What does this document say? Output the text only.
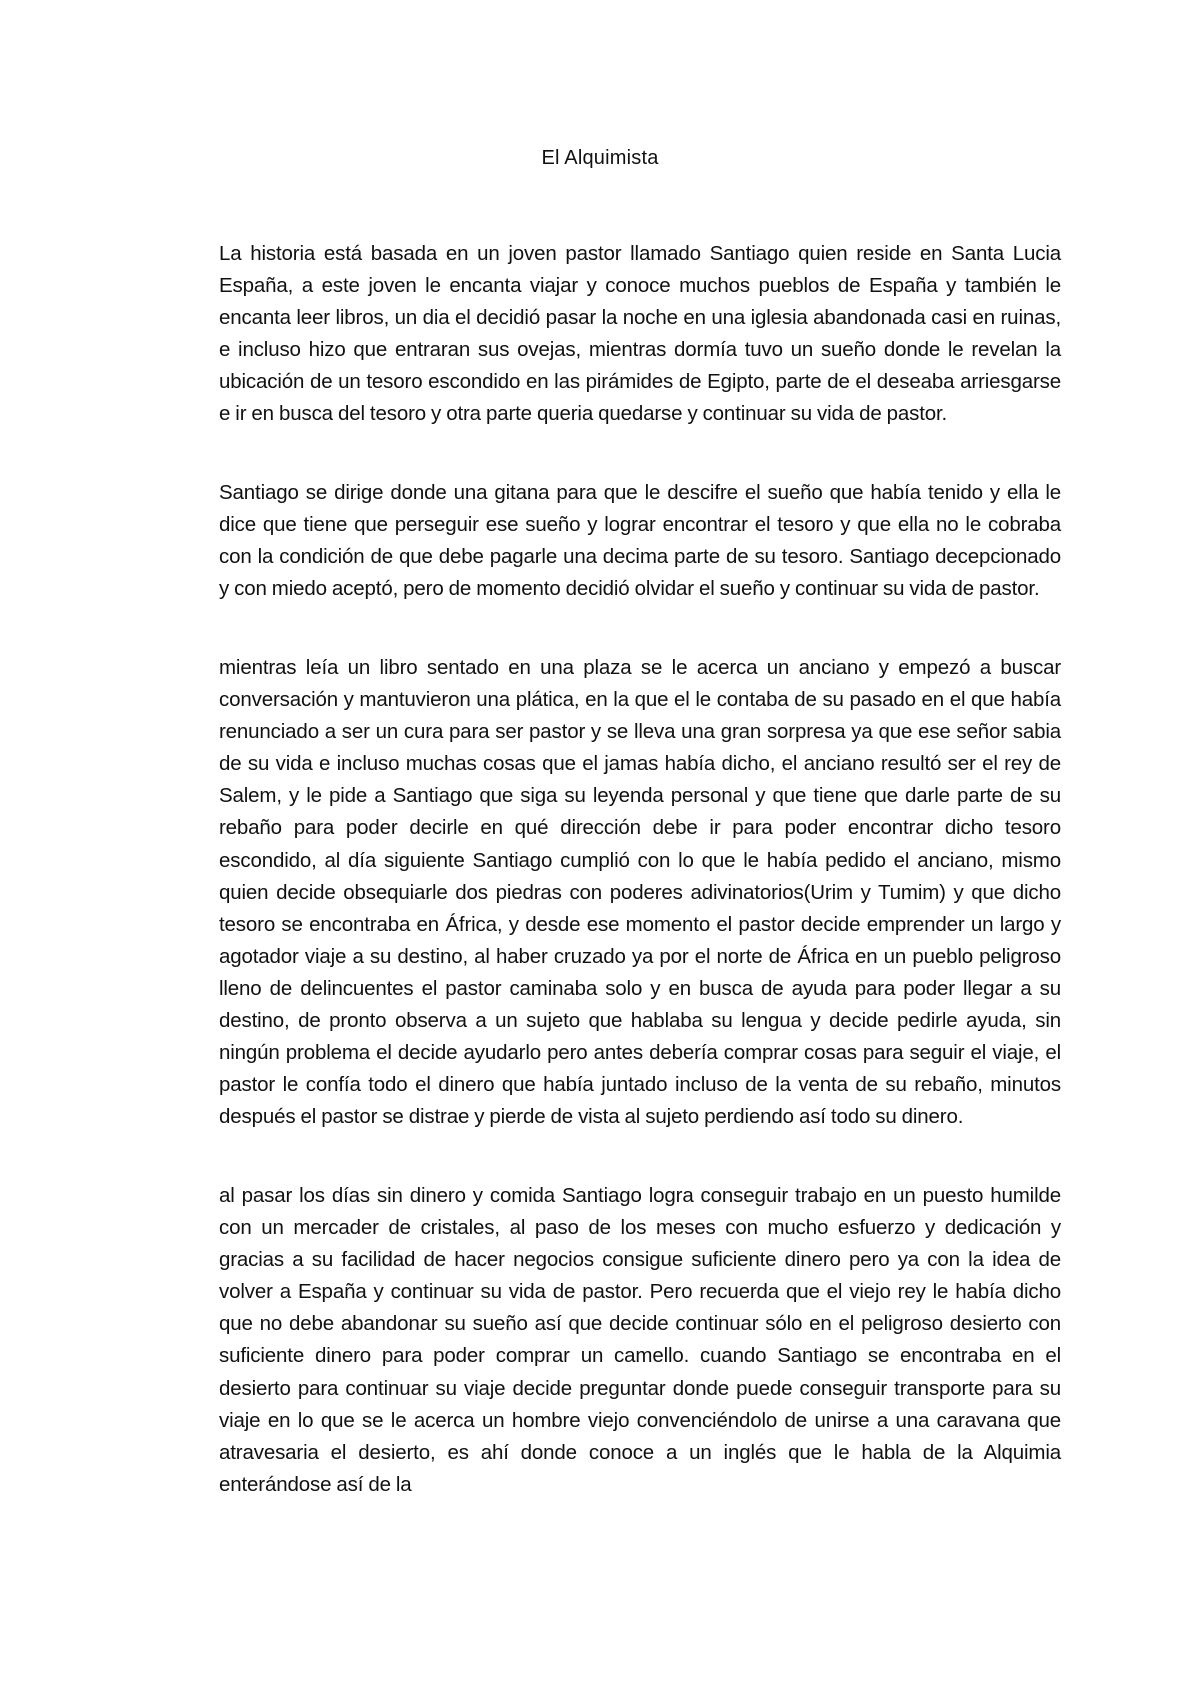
El Alquimista

La historia está basada en un joven pastor llamado Santiago quien reside en Santa Lucia España, a este joven le encanta viajar y conoce muchos pueblos de España y también le encanta leer libros, un dia el decidió pasar la noche en una iglesia abandonada casi en ruinas, e incluso hizo que entraran sus ovejas, mientras dormía tuvo un sueño donde le revelan la ubicación de un tesoro escondido en las pirámides de Egipto, parte de el deseaba arriesgarse e ir en busca del tesoro y otra parte queria quedarse y continuar su vida de pastor.

Santiago se dirige donde una gitana para que le descifre el sueño que había tenido y ella le dice que tiene que perseguir ese sueño y lograr encontrar el tesoro y que ella no le cobraba con la condición de que debe pagarle una decima parte de su tesoro. Santiago decepcionado y con miedo aceptó, pero de momento decidió olvidar el sueño y continuar su vida de pastor.

mientras leía un libro sentado en una plaza se le acerca un anciano y empezó a buscar conversación y mantuvieron una plática, en la que el le contaba de su pasado en el que había renunciado a ser un cura para ser pastor y se lleva una gran sorpresa ya que ese señor sabia de su vida e incluso muchas cosas que el jamas había dicho, el anciano resultó ser el rey de Salem, y le pide a Santiago que siga su leyenda personal y que tiene que darle parte de su rebaño para poder decirle en qué dirección debe ir para poder encontrar dicho tesoro escondido, al día siguiente Santiago cumplió con lo que le había pedido el anciano, mismo quien decide obsequiarle dos piedras con poderes adivinatorios(Urim y Tumim) y que dicho tesoro se encontraba en África, y desde ese momento el pastor decide emprender un largo y agotador viaje a su destino, al haber cruzado ya por el norte de África en un pueblo peligroso lleno de delincuentes el pastor caminaba solo y en busca de ayuda para poder llegar a su destino, de pronto observa a un sujeto que hablaba su lengua y decide pedirle ayuda, sin ningún problema el decide ayudarlo pero antes debería comprar cosas para seguir el viaje, el pastor le confía todo el dinero que había juntado incluso de la venta de su rebaño, minutos después el pastor se distrae y pierde de vista al sujeto perdiendo así todo su dinero.

al pasar los días sin dinero y comida Santiago logra conseguir trabajo en un puesto humilde con un mercader de cristales, al paso de los meses con mucho esfuerzo y dedicación y gracias a su facilidad de hacer negocios consigue suficiente dinero pero ya con la idea de volver a España y continuar su vida de pastor. Pero recuerda que el viejo rey le había dicho que no debe abandonar su sueño así que decide continuar sólo en el peligroso desierto con suficiente dinero para poder comprar un camello. cuando Santiago se encontraba en el desierto para continuar su viaje decide preguntar donde puede conseguir transporte para su viaje en lo que se le acerca un hombre viejo convenciéndolo de unirse a una caravana que atravesaria el desierto, es ahí donde conoce a un inglés que le habla de la Alquimia enterándose así de la
